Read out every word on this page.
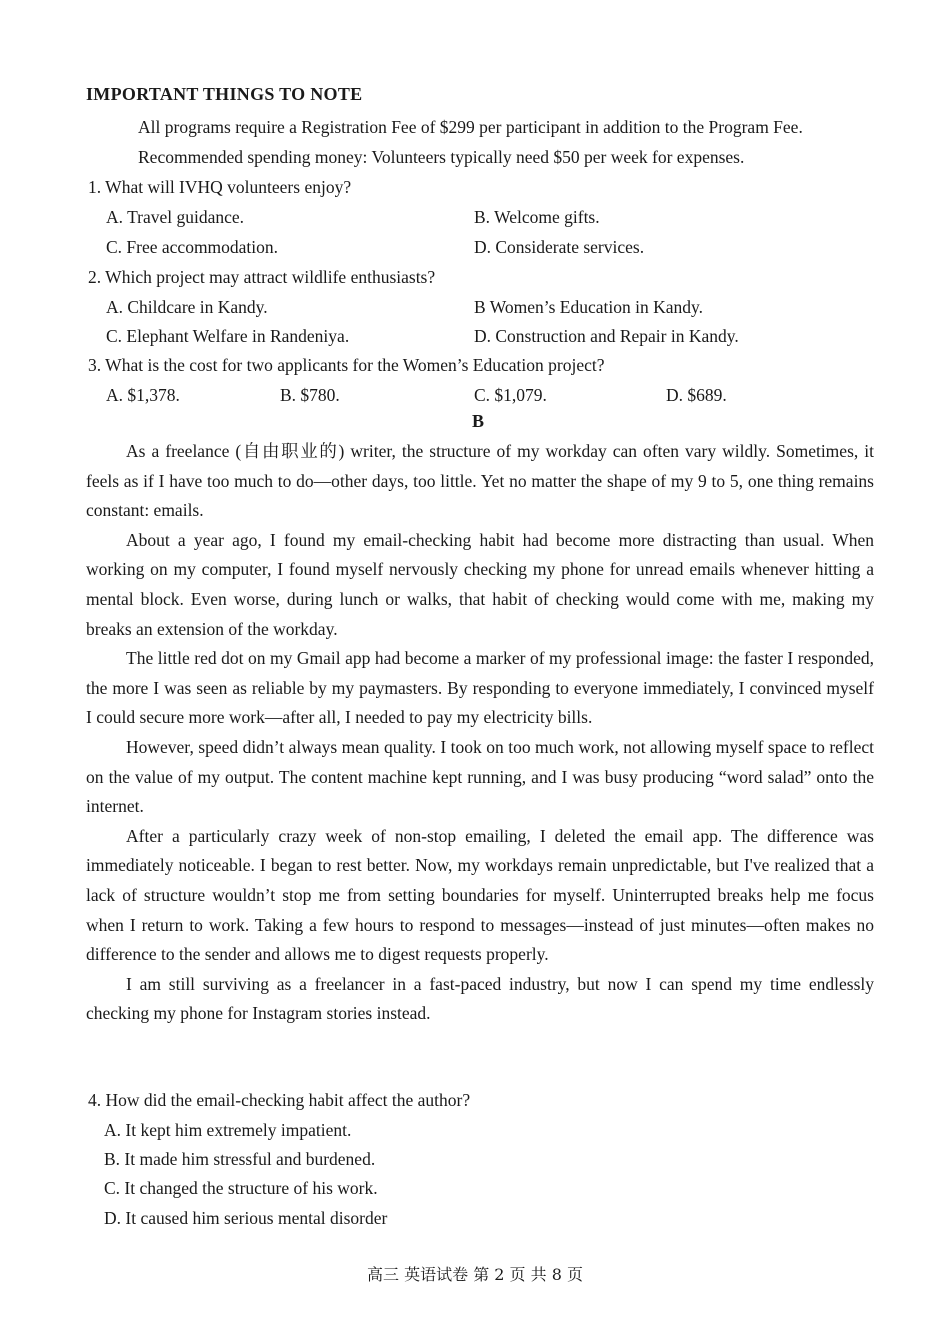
IMPORTANT THINGS TO NOTE
All programs require a Registration Fee of $299 per participant in addition to the Program Fee.
Recommended spending money: Volunteers typically need $50 per week for expenses.
1. What will IVHQ volunteers enjoy?
A. Travel guidance.	B. Welcome gifts.
C. Free accommodation.	D. Considerate services.
2. Which project may attract wildlife enthusiasts?
A. Childcare in Kandy.	B Women’s Education in Kandy.
C. Elephant Welfare in Randeniya.	D. Construction and Repair in Kandy.
3. What is the cost for two applicants for the Women’s Education project?
A. $1,378.	B. $780.	C. $1,079.	D. $689.
B

As a freelance (自由职业的) writer, the structure of my workday can often vary wildly. Sometimes, it feels as if I have too much to do—other days, too little. Yet no matter the shape of my 9 to 5, one thing remains constant: emails.

About a year ago, I found my email-checking habit had become more distracting than usual. When working on my computer, I found myself nervously checking my phone for unread emails whenever hitting a mental block. Even worse, during lunch or walks, that habit of checking would come with me, making my breaks an extension of the workday.

The little red dot on my Gmail app had become a marker of my professional image: the faster I responded, the more I was seen as reliable by my paymasters. By responding to everyone immediately, I convinced myself I could secure more work—after all, I needed to pay my electricity bills.

However, speed didn’t always mean quality. I took on too much work, not allowing myself space to reflect on the value of my output. The content machine kept running, and I was busy producing “word salad” onto the internet.

After a particularly crazy week of non-stop emailing, I deleted the email app. The difference was immediately noticeable. I began to rest better. Now, my workdays remain unpredictable, but I've realized that a lack of structure wouldn’t stop me from setting boundaries for myself. Uninterrupted breaks help me focus when I return to work. Taking a few hours to respond to messages—instead of just minutes—often makes no difference to the sender and allows me to digest requests properly.

I am still surviving as a freelancer in a fast-paced industry, but now I can spend my time endlessly checking my phone for Instagram stories instead.

4. How did the email-checking habit affect the author?
A. It kept him extremely impatient.
B. It made him stressful and burdened.
C. It changed the structure of his work.
D. It caused him serious mental disorder
高三 英语试卷 第 2 页 共 8 页
